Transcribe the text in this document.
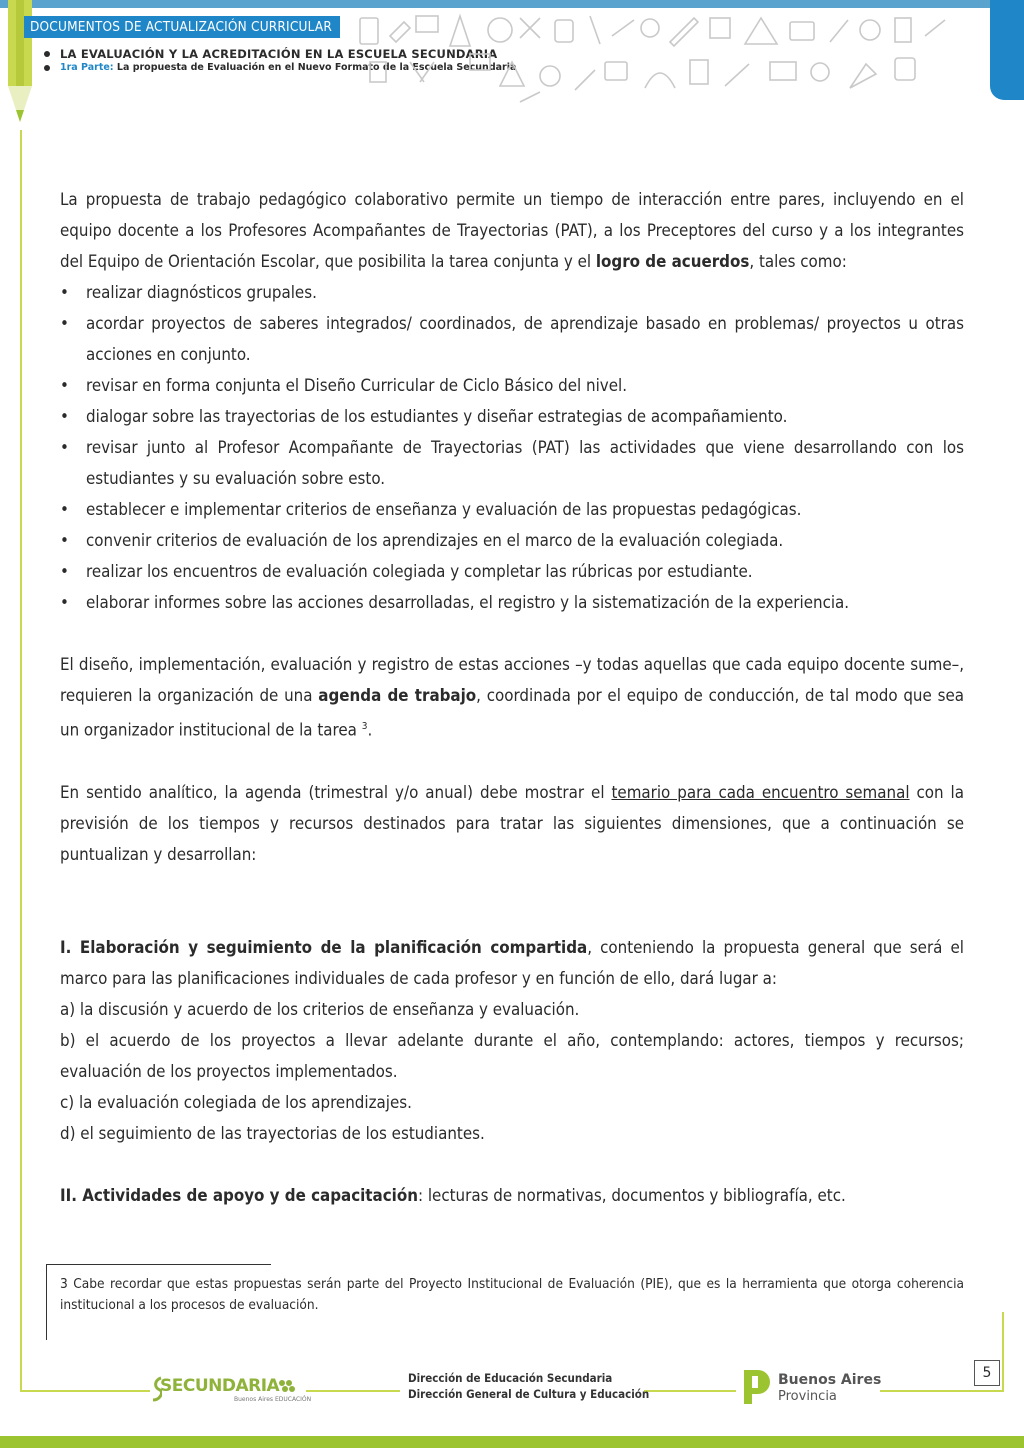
DOCUMENTOS DE ACTUALIZACIÓN CURRICULAR
LA EVALUACIÓN Y LA ACREDITACIÓN EN LA ESCUELA SECUNDARIA
1ra Parte: La propuesta de Evaluación en el Nuevo Formato de la Escuela Secundaria

La propuesta de trabajo pedagógico colaborativo permite un tiempo de interacción entre pares, incluyendo en el equipo docente a los Profesores Acompañantes de Trayectorias (PAT), a los Preceptores del curso y a los integrantes del Equipo de Orientación Escolar, que posibilita la tarea conjunta y el logro de acuerdos, tales como:

• realizar diagnósticos grupales.
• acordar proyectos de saberes integrados/ coordinados, de aprendizaje basado en problemas/ proyectos u otras acciones en conjunto.
• revisar en forma conjunta el Diseño Curricular de Ciclo Básico del nivel.
• dialogar sobre las trayectorias de los estudiantes y diseñar estrategias de acompañamiento.
• revisar junto al Profesor Acompañante de Trayectorias (PAT) las actividades que viene desarrollando con los estudiantes y su evaluación sobre esto.
• establecer e implementar criterios de enseñanza y evaluación de las propuestas pedagógicas.
• convenir criterios de evaluación de los aprendizajes en el marco de la evaluación colegiada.
• realizar los encuentros de evaluación colegiada y completar las rúbricas por estudiante.
• elaborar informes sobre las acciones desarrolladas, el registro y la sistematización de la experiencia.

El diseño, implementación, evaluación y registro de estas acciones –y todas aquellas que cada equipo docente sume–, requieren la organización de una agenda de trabajo, coordinada por el equipo de conducción, de tal modo que sea un organizador institucional de la tarea $^3$.

En sentido analítico, la agenda (trimestral y/o anual) debe mostrar el temario para cada encuentro semanal con la previsión de los tiempos y recursos destinados para tratar las siguientes dimensiones, que a continuación se puntualizan y desarrollan:

I. Elaboración y seguimiento de la planificación compartida, conteniendo la propuesta general que será el marco para las planificaciones individuales de cada profesor y en función de ello, dará lugar a:

a) la discusión y acuerdo de los criterios de enseñanza y evaluación.

b) el acuerdo de los proyectos a llevar adelante durante el año, contemplando: actores, tiempos y recursos; evaluación de los proyectos implementados.

c) la evaluación colegiada de los aprendizajes.

d) el seguimiento de las trayectorias de los estudiantes.

II. Actividades de apoyo y de capacitación: lecturas de normativas, documentos y bibliografía, etc.

3 Cabe recordar que estas propuestas serán parte del Proyecto Institucional de Evaluación (PIE), que es la herramienta que otorga coherencia institucional a los procesos de evaluación.
SECUNDARIA
Buenos Aires EDUCACIÓN
Dirección de Educación Secundaria
Dirección General de Cultura y Educación
Buenos Aires
Provincia
5
